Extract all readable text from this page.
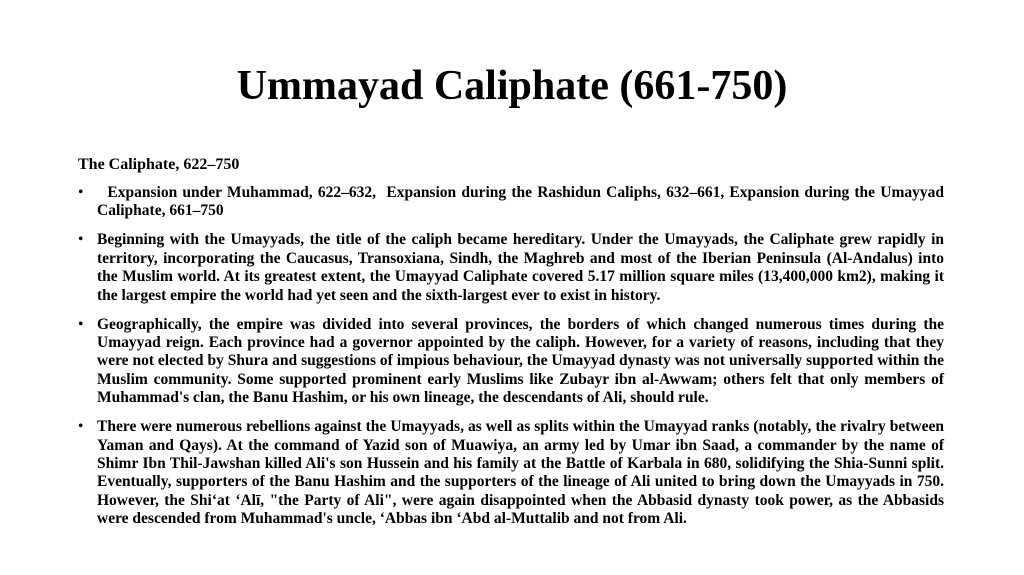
Ummayad Caliphate (661-750)

The Caliphate, 622–750

• Expansion under Muhammad, 622–632,  Expansion during the Rashidun Caliphs, 632–661, Expansion during the Umayyad Caliphate, 661–750
• Beginning with the Umayyads, the title of the caliph became hereditary. Under the Umayyads, the Caliphate grew rapidly in territory, incorporating the Caucasus, Transoxiana, Sindh, the Maghreb and most of the Iberian Peninsula (Al-Andalus) into the Muslim world. At its greatest extent, the Umayyad Caliphate covered 5.17 million square miles (13,400,000 km2), making it the largest empire the world had yet seen and the sixth-largest ever to exist in history.
• Geographically, the empire was divided into several provinces, the borders of which changed numerous times during the Umayyad reign. Each province had a governor appointed by the caliph. However, for a variety of reasons, including that they were not elected by Shura and suggestions of impious behaviour, the Umayyad dynasty was not universally supported within the Muslim community. Some supported prominent early Muslims like Zubayr ibn al-Awwam; others felt that only members of Muhammad's clan, the Banu Hashim, or his own lineage, the descendants of Ali, should rule.
• There were numerous rebellions against the Umayyads, as well as splits within the Umayyad ranks (notably, the rivalry between Yaman and Qays). At the command of Yazid son of Muawiya, an army led by Umar ibn Saad, a commander by the name of Shimr Ibn Thil-Jawshan killed Ali's son Hussein and his family at the Battle of Karbala in 680, solidifying the Shia-Sunni split. Eventually, supporters of the Banu Hashim and the supporters of the lineage of Ali united to bring down the Umayyads in 750. However, the Shi‘at ‘Alī, "the Party of Ali", were again disappointed when the Abbasid dynasty took power, as the Abbasids were descended from Muhammad's uncle, ‘Abbas ibn ‘Abd al-Muttalib and not from Ali.
